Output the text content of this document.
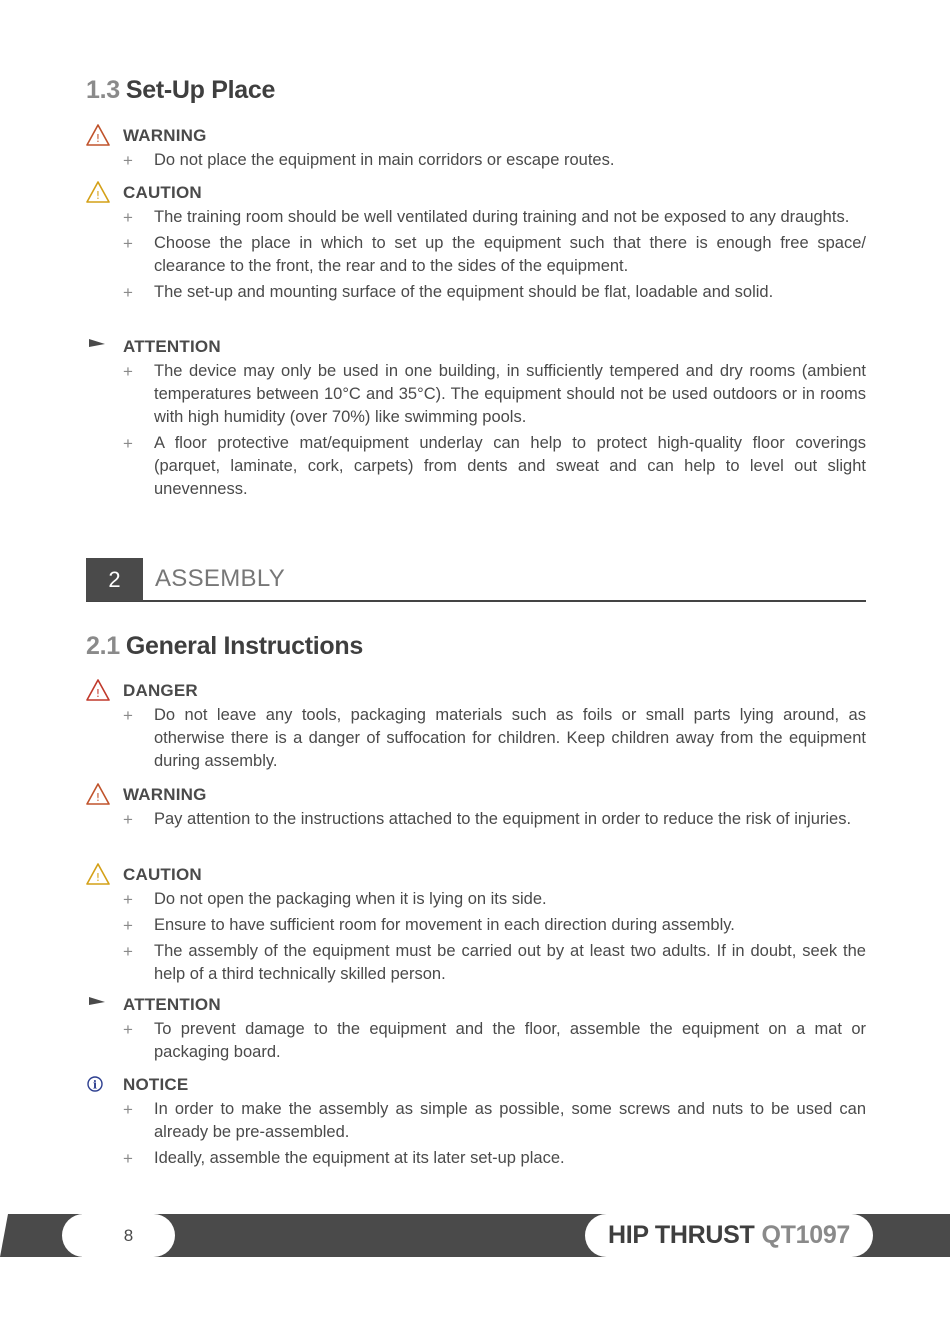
1.3 Set-Up Place
! WARNING
+ Do not place the equipment in main corridors or escape routes.
! CAUTION
+ The training room should be well ventilated during training and not be exposed to any draughts.
+ Choose the place in which to set up the equipment such that there is enough free space/ clearance to the front, the rear and to the sides of the equipment.
+ The set-up and mounting surface of the equipment should be flat, loadable and solid.
ATTENTION
+ The device may only be used in one building, in sufficiently tempered and dry rooms (ambient temperatures between 10°C and 35°C). The equipment should not be used outdoors or in rooms with high humidity (over 70%) like swimming pools.
+ A floor protective mat/equipment underlay can help to protect high-quality floor coverings (parquet, laminate, cork, carpets) from dents and sweat and can help to level out slight unevenness.
2	ASSEMBLY
2.1 General Instructions
! DANGER
+ Do not leave any tools, packaging materials such as foils or small parts lying around, as otherwise there is a danger of suffocation for children. Keep children away from the equipment during assembly.
! WARNING
+ Pay attention to the instructions attached to the equipment in order to reduce the risk of injuries.
! CAUTION
+ Do not open the packaging when it is lying on its side.
+ Ensure to have sufficient room for movement in each direction during assembly.
+ The assembly of the equipment must be carried out by at least two adults. If in doubt, seek the help of a third technically skilled person.
ATTENTION
+ To prevent damage to the equipment and the floor, assemble the equipment on a mat or packaging board.
i NOTICE
+ In order to make the assembly as simple as possible, some screws and nuts to be used can already be pre-assembled.
+ Ideally, assemble the equipment at its later set-up place.
8	HIP THRUST QT1097
